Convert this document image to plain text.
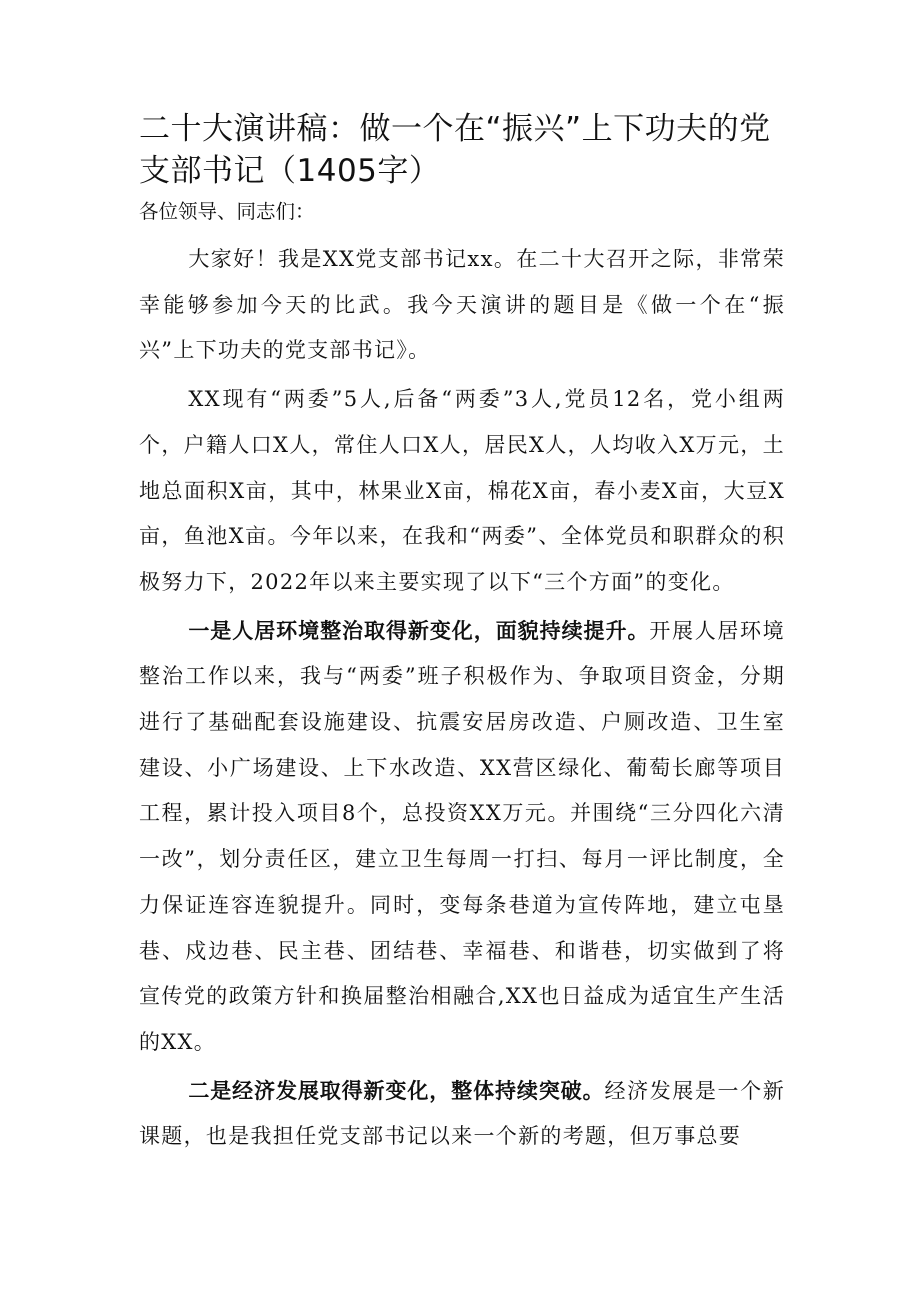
二十大演讲稿：做一个在“振兴”上下功夫的党支部书记（1405字）
各位领导、同志们：

大家好！我是XX党支部书记xx。在二十大召开之际，非常荣幸能够参加今天的比武。我今天演讲的题目是《做一个在“振兴”上下功夫的党支部书记》。

XX现有“两委”5人,后备“两委”3人,党员12名，党小组两个，户籍人口X人，常住人口X人，居民X人，人均收入X万元，土地总面积X亩，其中，林果业X亩，棉花X亩，春小麦X亩，大豆X亩，鱼池X亩。今年以来，在我和“两委”、全体党员和职群众的积极努力下，2022年以来主要实现了以下“三个方面”的变化。

一是人居环境整治取得新变化，面貌持续提升。开展人居环境整治工作以来，我与“两委”班子积极作为、争取项目资金，分期进行了基础配套设施建设、抗震安居房改造、户厕改造、卫生室建设、小广场建设、上下水改造、XX营区绿化、葡萄长廊等项目工程，累计投入项目8个，总投资XX万元。并围绕“三分四化六清一改”，划分责任区，建立卫生每周一打扫、每月一评比制度，全力保证连容连貌提升。同时，变每条巷道为宣传阵地，建立屯垦巷、戍边巷、民主巷、团结巷、幸福巷、和谐巷，切实做到了将宣传党的政策方针和换届整治相融合,XX也日益成为适宜生产生活的XX。

二是经济发展取得新变化，整体持续突破。经济发展是一个新课题，也是我担任党支部书记以来一个新的考题，但万事总要
